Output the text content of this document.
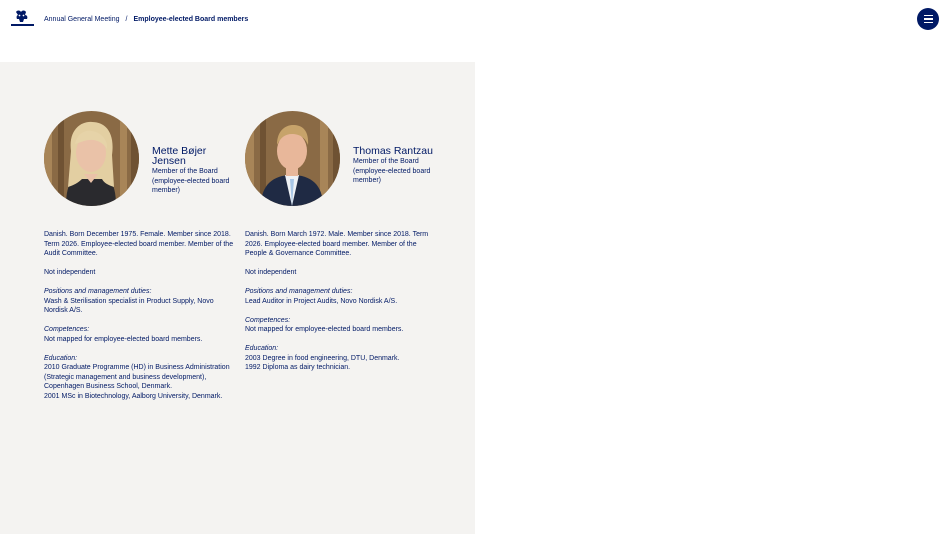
Annual General Meeting / Employee-elected Board members
Mette Bøjer Jensen
Member of the Board (employee-elected board member)

Danish. Born December 1975. Female. Member since 2018. Term 2026. Employee-elected board member. Member of the Audit Committee.

Not independent

Positions and management duties:

Wash & Sterilisation specialist in Product Supply, Novo Nordisk A/S.

Competences:

Not mapped for employee-elected board members.

Education:

2010 Graduate Programme (HD) in Business Administration (Strategic management and business development), Copenhagen Business School, Denmark.

2001 MSc in Biotechnology, Aalborg University, Denmark.

Thomas Rantzau
Member of the Board (employee-elected board member)

Danish. Born March 1972. Male. Member since 2018. Term 2026. Employee-elected board member. Member of the People & Governance Committee.

Not independent

Positions and management duties:

Lead Auditor in Project Audits, Novo Nordisk A/S.

Competences:

Not mapped for employee-elected board members.

Education:

2003 Degree in food engineering, DTU, Denmark.

1992 Diploma as dairy technician.
